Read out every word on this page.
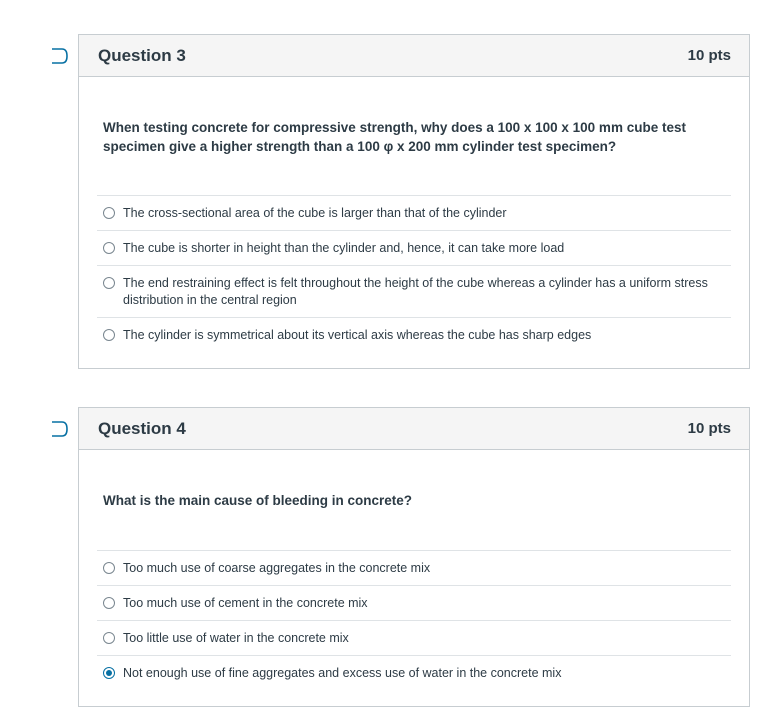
Question 3	10 pts
When testing concrete for compressive strength, why does a 100 x 100 x 100 mm cube test specimen give a higher strength than a 100 φ x 200 mm cylinder test specimen?
The cross-sectional area of the cube is larger than that of the cylinder
The cube is shorter in height than the cylinder and, hence, it can take more load
The end restraining effect is felt throughout the height of the cube whereas a cylinder has a uniform stress distribution in the central region
The cylinder is symmetrical about its vertical axis whereas the cube has sharp edges
Question 4	10 pts
What is the main cause of bleeding in concrete?
Too much use of coarse aggregates in the concrete mix
Too much use of cement in the concrete mix
Too little use of water in the concrete mix
Not enough use of fine aggregates and excess use of water in the concrete mix
